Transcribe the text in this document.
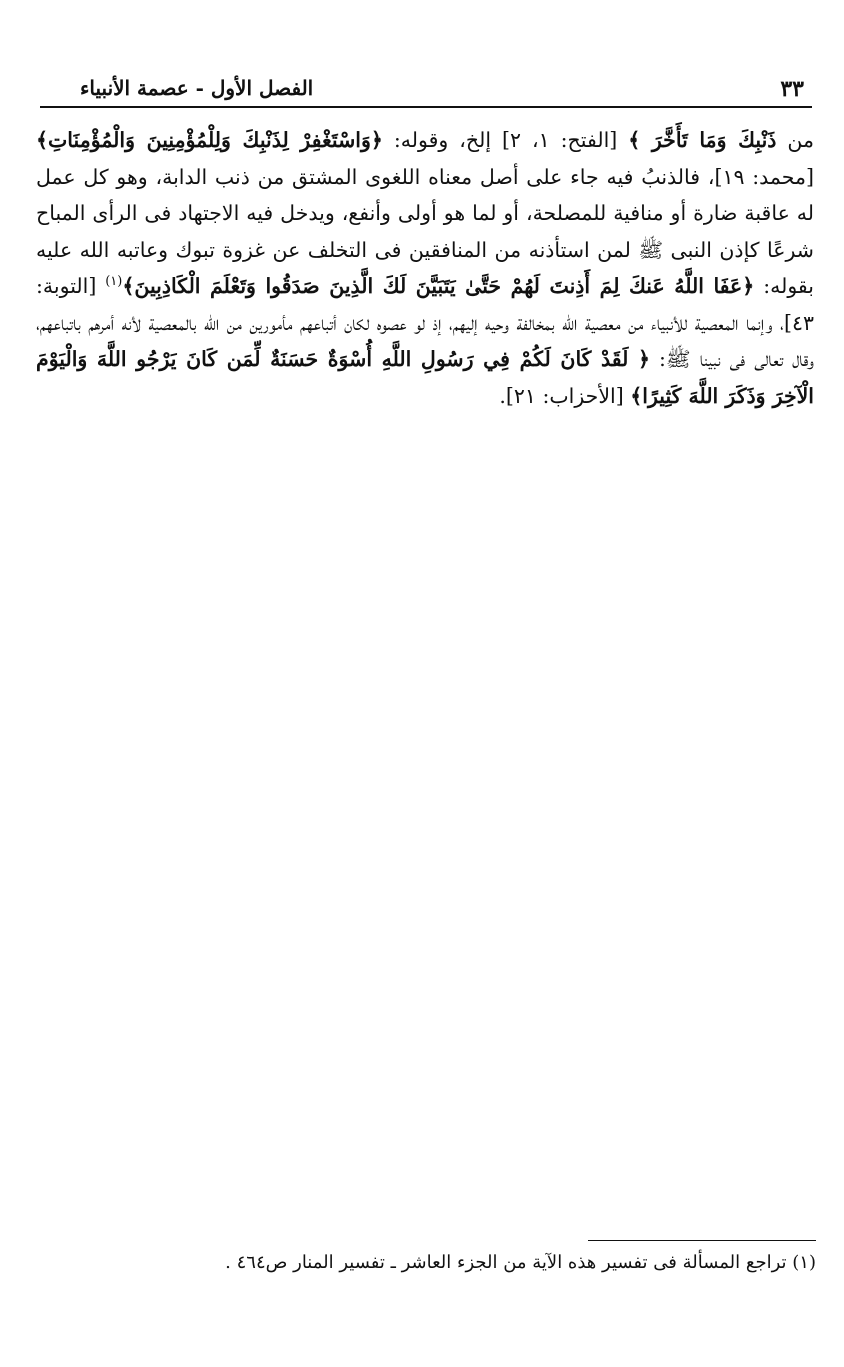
٣٣
الفصل الأول - عصمة الأنبياء

من ذَنْبِكَ وَمَا تَأَخَّرَ ﴾ [الفتح: ١، ٢] إلخ، وقوله: ﴿وَاسْتَغْفِرْ لِذَنْبِكَ وَلِلْمُؤْمِنِينَ وَالْمُؤْمِنَاتِ﴾ [محمد: ١٩]، فالذنبُ فيه جاء على أصل معناه اللغوى المشتق من ذنب الدابة، وهو كل عمل له عاقبة ضارة أو منافية للمصلحة، أو لما هو أولى وأنفع، ويدخل فيه الاجتهاد فى الرأى المباح شرعًا كإذن النبى ﷺ لمن استأذنه من المنافقين فى التخلف عن غزوة تبوك وعاتبه الله عليه بقوله: ﴿عَفَا اللَّهُ عَنكَ لِمَ أَذِنتَ لَهُمْ حَتَّىٰ يَتَبَيَّنَ لَكَ الَّذِينَ صَدَقُوا وَتَعْلَمَ الْكَاذِبِينَ﴾$^{(١)}$ [التوبة: ٤٣]، وإنما المعصية للأنبياء من معصية الله بمخالفة وحيه إليهم، إذ لو عصوه لكان أتباعهم مأمورين من الله بالمعصية لأنه أمرهم باتباعهم، وقال تعالى فى نبينا ﷺ: ﴿ لَقَدْ كَانَ لَكُمْ فِي رَسُولِ اللَّهِ أُسْوَةٌ حَسَنَةٌ لِّمَن كَانَ يَرْجُو اللَّهَ وَالْيَوْمَ الْآخِرَ وَذَكَرَ اللَّهَ كَثِيرًا﴾ [الأحزاب: ٢١].

(١) تراجع المسألة فى تفسير هذه الآية من الجزء العاشر ـ تفسير المنار ص٤٦٤ .
